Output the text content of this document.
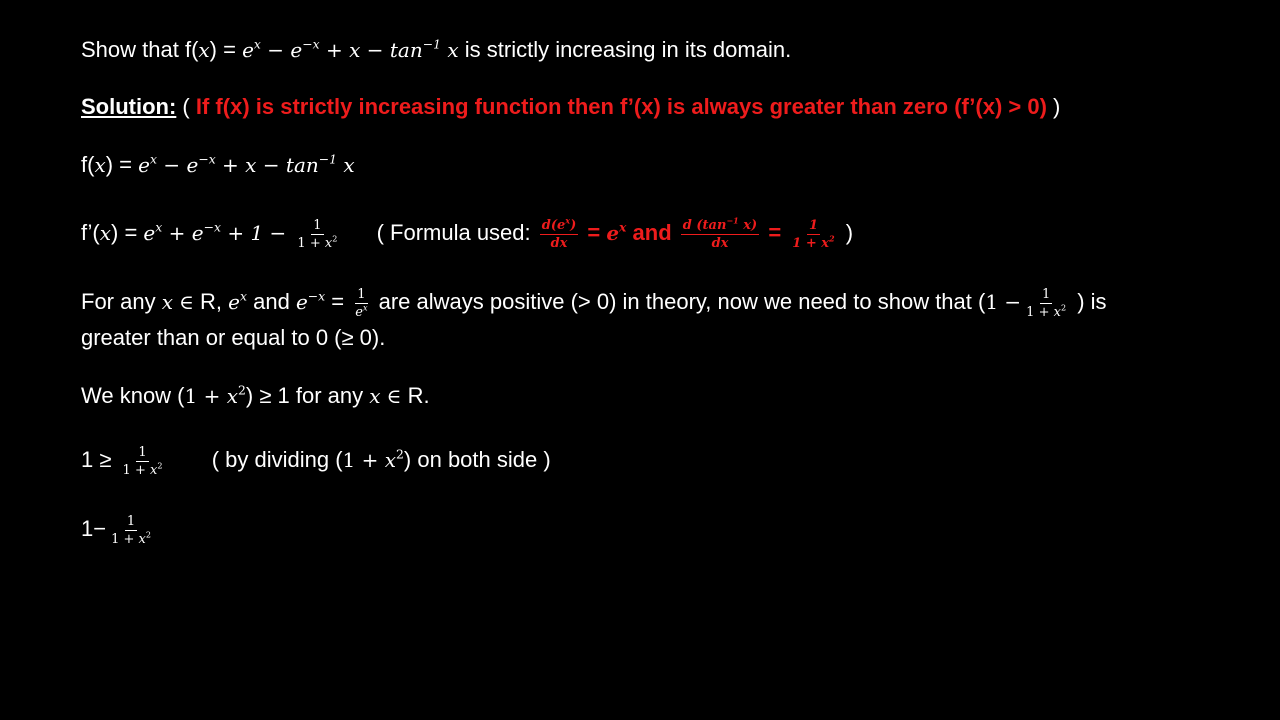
Show that $f(x) = e^x - e^{-x} + x - \tan^{-1} x$ is strictly increasing in its domain.
Solution: ( If f(x) is strictly increasing function then f’(x) is always greater than zero (f’(x) > 0) )
$f(x) = e^x - e^{-x} + x - \tan^{-1} x$
f’(x) = $e^x + e^{-x} + 1 - \frac{1}{1 + x^2}$ ( Formula used: $\frac{d(e^x)}{dx} = e^x$ and $\frac{d (\tan^{-1} x)}{dx} = \frac{1}{1 + x^2}$ )
For any x ∈ R, $e^x$ and $e^{-x} = \frac{1}{e^x}$ are always positive (> 0) in theory, now we need to show that ($1 - \frac{1}{1 + x^2}$ ) is
greater than or equal to 0 (≥ 0).
We know $(1 + x^2) \ge 1$ for any x ∈ R.
$1 \ge \frac{1}{1 + x^2}$ ( by dividing $(1 + x^2)$ on both side )
$1- \frac{1}{1 + x^2}$
